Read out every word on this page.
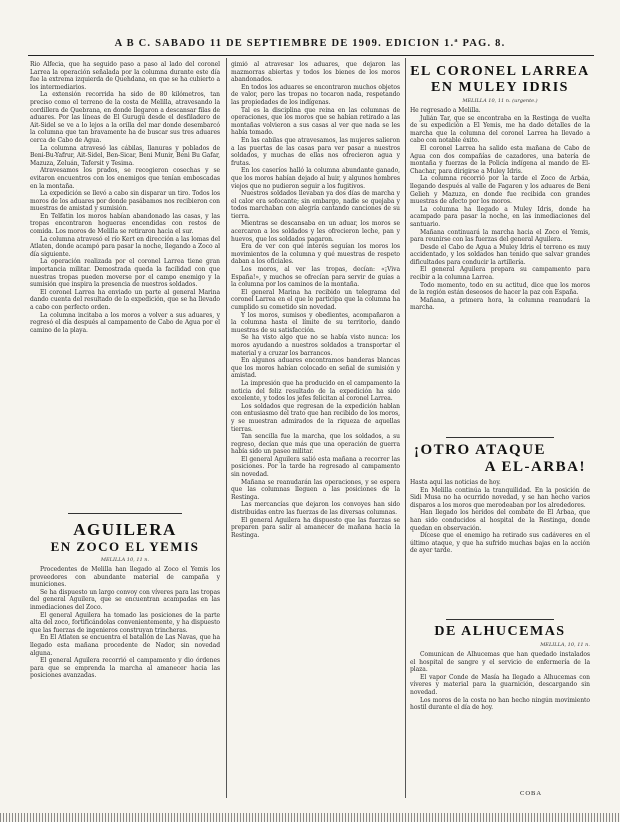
A B C. SABADO 11 DE SEPTIEMBRE DE 1909. EDICION 1.ª PAG. 8.

Rio Alfecia, que ha seguido paso a paso al lado del coronel Larrea la operación señalada por la columna durante este día fue la extrema izquierda de Quehdana, en que se ha cubierto a los intermediarios.

La extensión recorrida ha sido de 80 kilómetros, tan preciso como el terreno de la costa de Melilla, atravesando la cordillera de Quebrana, en donde llegaron a descansar filas de aduares. Por las líneas de El Gurugú desde el desfiladero de Ait-Sidel se ve a lo lejos a la orilla del mar donde desembarcó la columna que tan bravamente ha de buscar sus tres aduares cerca de Cabo de Agua.

La columna atravesó las cábilas, llanuras y poblados de Beni-Bu-Yafrur, Ait-Sidel, Ben-Sicar, Beni Munir, Beni Bu Gafar, Mazuza, Zeluán, Tafersit y Tesima.

Atravesamos los prados, se recogieron cosechas y se evitaron encuentros con los enemigos que tenían emboscadas en la montaña.

La expedición se llevó a cabo sin disparar un tiro. Todos los moros de los aduares por donde pasábamos nos recibieron con muestras de amistad y sumisión.

En Telfatin los moros habían abandonado las casas, y las tropas encontraron hogueras encendidas con restos de comida. Los moros de Melilla se retiraron hacia el sur.

La columna atravesó el río Kert en dirección a las lomas del Atlaten, donde acampó para pasar la noche, llegando a Zoco al día siguiente.

La operación realizada por el coronel Larrea tiene gran importancia militar. Demostrada queda la facilidad con que nuestras tropas pueden moverse por el campo enemigo y la sumisión que inspira la presencia de nuestros soldados.

El coronel Larrea ha enviado un parte al general Marina dando cuenta del resultado de la expedición, que se ha llevado a cabo con perfecto orden.

La columna incitaba a los moros a volver a sus aduares, y regresó el día después al campamento de Cabo de Agua por el camino de la playa.

AGUILERA

EN ZOCO EL YEMIS

MELILLA 10, 11 n.

Procedentes de Melilla han llegado al Zoco el Yemis los proveedores con abundante material de campaña y municiones.

Se ha dispuesto un largo convoy con víveres para las tropas del general Aguilera, que se encuentran acampadas en las inmediaciones del Zoco.

El general Aguilera ha tomado las posiciones de la parte alta del zoco, fortificándolas convenientemente, y ha dispuesto que las fuerzas de ingenieros construyan trincheras.

En El Atlaten se encuentra el batallón de Las Navas, que ha llegado esta mañana procedente de Nador, sin novedad alguna.

El general Aguilera recorrió el campamento y dio órdenes para que se emprenda la marcha al amanecer hacia las posiciones avanzadas.

gimió al atravesar los aduares, que dejaron las mazmorras abiertas y todos los bienes de los moros abandonados.

En todos los aduares se encontraron muchos objetos de valor, pero las tropas no tocaron nada, respetando las propiedades de los indígenas.

Tal es la disciplina que reina en las columnas de operaciones, que los moros que se habían retirado a las montañas volvieron a sus casas al ver que nada se les había tomado.

En las cabilas que atravesamos, las mujeres salieron a las puertas de las casas para ver pasar a nuestros soldados, y muchas de ellas nos ofrecieron agua y frutas.

En los caseríos halló la columna abundante ganado, que los moros habían dejado al huir, y algunos hombres viejos que no pudieron seguir a los fugitivos.

Nuestros soldados llevaban ya dos días de marcha y el calor era sofocante; sin embargo, nadie se quejaba y todos marchaban con alegría cantando canciones de su tierra.

Mientras se descansaba en un aduar, los moros se acercaron a los soldados y les ofrecieron leche, pan y huevos, que los soldados pagaron.

Era de ver con qué interés seguían los moros los movimientos de la columna y qué muestras de respeto daban a los oficiales.

Los moros, al ver las tropas, decían: «¡Viva España!», y muchos se ofrecían para servir de guías a la columna por los caminos de la montaña.

El general Marina ha recibido un telegrama del coronel Larrea en el que le participa que la columna ha cumplido su cometido sin novedad.

Y los moros, sumisos y obedientes, acompañaron a la columna hasta el límite de su territorio, dando muestras de su satisfacción.

Se ha visto algo que no se había visto nunca: los moros ayudando a nuestros soldados a transportar el material y a cruzar los barrancos.

En algunos aduares encontramos banderas blancas que los moros habían colocado en señal de sumisión y amistad.

La impresión que ha producido en el campamento la noticia del feliz resultado de la expedición ha sido excelente, y todos los jefes felicitan al coronel Larrea.

Los soldados que regresan de la expedición hablan con entusiasmo del trato que han recibido de los moros, y se muestran admirados de la riqueza de aquellas tierras.

Tan sencilla fue la marcha, que los soldados, a su regreso, decían que más que una operación de guerra había sido un paseo militar.

El general Aguilera salió esta mañana a recorrer las posiciones. Por la tarde ha regresado al campamento sin novedad.

Mañana se reanudarán las operaciones, y se espera que las columnas lleguen a las posiciones de la Restinga.

Las mercancías que dejaron los convoyes han sido distribuidas entre las fuerzas de las diversas columnas.

El general Aguilera ha dispuesto que las fuerzas se preparen para salir al amanecer de mañana hacia la Restinga.

EL CORONEL LARREA

EN MULEY IDRIS

MELILLA 10, 11 n. (urgente.)

He regresado a Melilla.

Julián Tar, que se encontraba en la Restinga de vuelta de su expedición a El Yemis, me ha dado detalles de la marcha que la columna del coronel Larrea ha llevado a cabo con notable éxito.

El coronel Larrea ha salido esta mañana de Cabo de Agua con dos compañías de cazadores, una batería de montaña y fuerzas de la Policía indígena al mando de El-Chachar, para dirigirse a Muley Idris.

La columna recorrió por la tarde el Zoco de Arbáa, llegando después al valle de Fagaren y los aduares de Beni Gelieh y Mazuza, en donde fue recibida con grandes muestras de afecto por los moros.

La columna ha llegado a Muley Idris, donde ha acampado para pasar la noche, en las inmediaciones del santuario.

Mañana continuará la marcha hacia el Zoco el Yemis, para reunirse con las fuerzas del general Aguilera.

Desde el Cabo de Agua a Muley Idris el terreno es muy accidentado, y los soldados han tenido que salvar grandes dificultades para conducir la artillería.

El general Aguilera prepara su campamento para recibir a la columna Larrea.

Todo momento, todo en su actitud, dice que los moros de la región están deseosos de hacer la paz con España.

Mañana, a primera hora, la columna reanudará la marcha.

¡OTRO ATAQUE

A EL-ARBA!

Hasta aquí las noticias de hoy.

En Melilla continúa la tranquilidad. En la posición de Sidi Musa no ha ocurrido novedad, y se han hecho varios disparos a los moros que merodeaban por los alrededores.

Han llegado los heridos del combate de El Arbaa, que han sido conducidos al hospital de la Restinga, donde quedan en observación.

Dícese que el enemigo ha retirado sus cadáveres en el último ataque, y que ha sufrido muchas bajas en la acción de ayer tarde.

DE ALHUCEMAS

MELILLA, 10, 11 n.

Comunican de Alhucemas que han quedado instalados el hospital de sangre y el servicio de enfermería de la plaza.

El vapor Conde de Masía ha llegado a Alhucemas con víveres y material para la guarnición, descargando sin novedad.

Los moros de la costa no han hecho ningún movimiento hostil durante el día de hoy.

COBA
